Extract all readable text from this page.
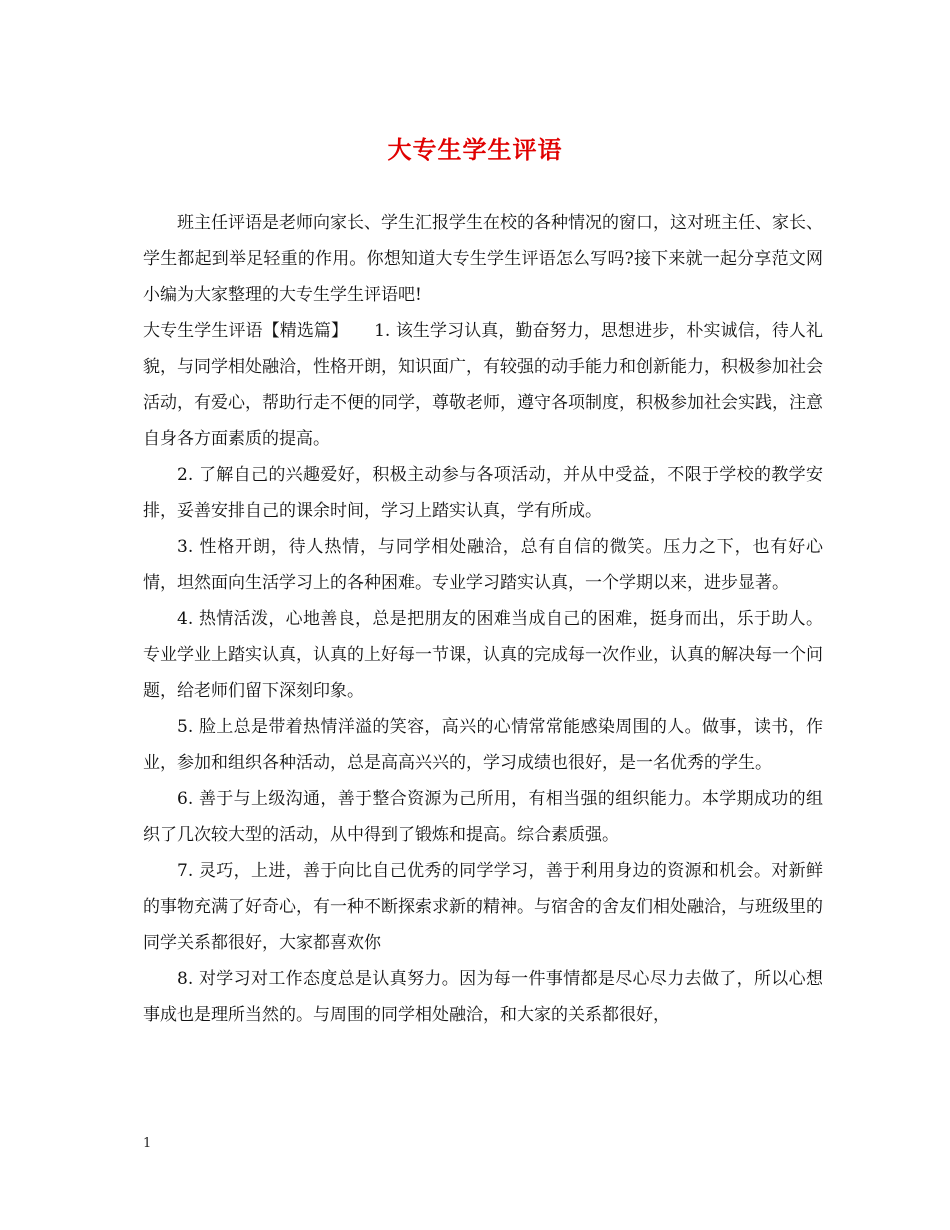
大专生学生评语

班主任评语是老师向家长、学生汇报学生在校的各种情况的窗口，这对班主任、家长、学生都起到举足轻重的作用。你想知道大专生学生评语怎么写吗?接下来就一起分享范文网小编为大家整理的大专生学生评语吧!

大专生学生评语【精选篇】 1. 该生学习认真，勤奋努力，思想进步，朴实诚信，待人礼貌，与同学相处融洽，性格开朗，知识面广，有较强的动手能力和创新能力，积极参加社会活动，有爱心，帮助行走不便的同学，尊敬老师，遵守各项制度，积极参加社会实践，注意自身各方面素质的提高。

2. 了解自己的兴趣爱好，积极主动参与各项活动，并从中受益，不限于学校的教学安排，妥善安排自己的课余时间，学习上踏实认真，学有所成。

3. 性格开朗，待人热情，与同学相处融洽，总有自信的微笑。压力之下，也有好心情，坦然面向生活学习上的各种困难。专业学习踏实认真，一个学期以来，进步显著。

4. 热情活泼，心地善良，总是把朋友的困难当成自己的困难，挺身而出，乐于助人。专业学业上踏实认真，认真的上好每一节课，认真的完成每一次作业，认真的解决每一个问题，给老师们留下深刻印象。

5. 脸上总是带着热情洋溢的笑容，高兴的心情常常能感染周围的人。做事，读书，作业，参加和组织各种活动，总是高高兴兴的，学习成绩也很好，是一名优秀的学生。

6. 善于与上级沟通，善于整合资源为己所用，有相当强的组织能力。本学期成功的组织了几次较大型的活动，从中得到了锻炼和提高。综合素质强。

7. 灵巧，上进，善于向比自己优秀的同学学习，善于利用身边的资源和机会。对新鲜的事物充满了好奇心，有一种不断探索求新的精神。与宿舍的舍友们相处融洽，与班级里的同学关系都很好，大家都喜欢你

8. 对学习对工作态度总是认真努力。因为每一件事情都是尽心尽力去做了，所以心想事成也是理所当然的。与周围的同学相处融洽，和大家的关系都很好，

1
